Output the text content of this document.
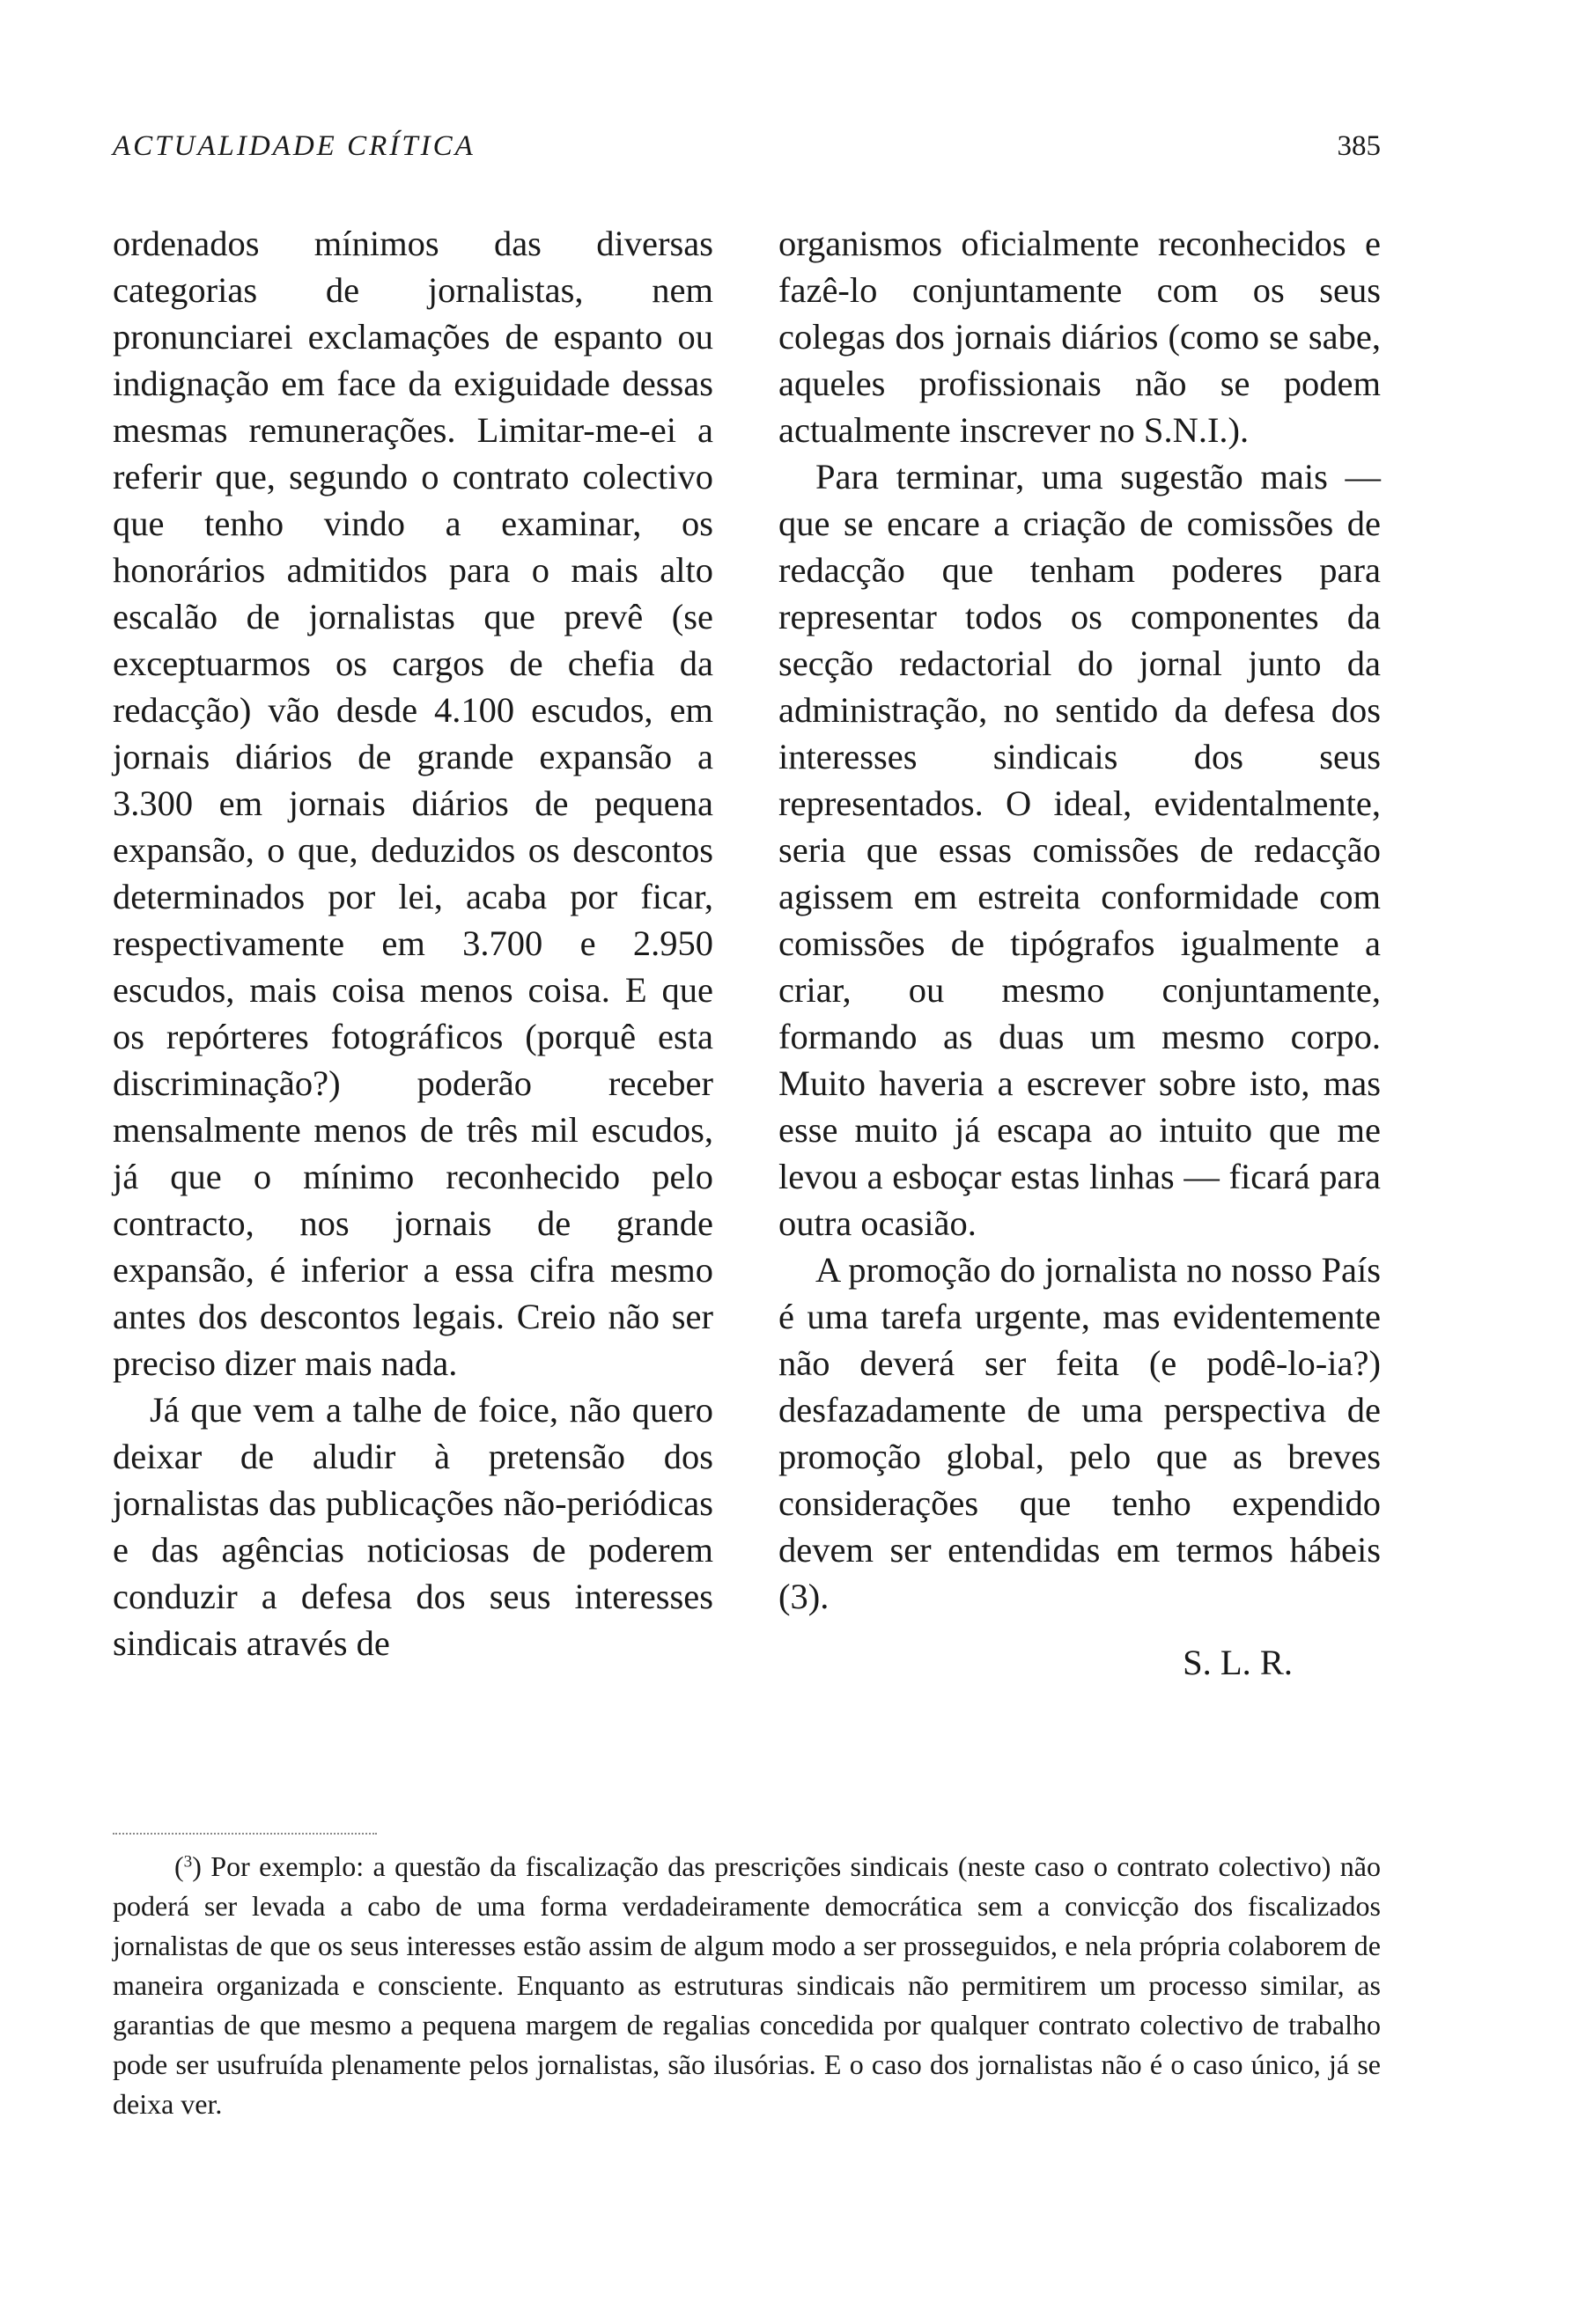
ACTUALIDADE CRÍTICA	385

ordenados mínimos das diversas categorias de jornalistas, nem pronunciarei exclamações de espanto ou indignação em face da exiguidade dessas mesmas remunerações. Limitar-me-ei a referir que, segundo o contrato colectivo que tenho vindo a examinar, os honorários admitidos para o mais alto escalão de jornalistas que prevê (se exceptuarmos os cargos de chefia da redacção) vão desde 4.100 escudos, em jornais diários de grande expansão a 3.300 em jornais diários de pequena expansão, o que, deduzidos os descontos determinados por lei, acaba por ficar, respectivamente em 3.700 e 2.950 escudos, mais coisa menos coisa. E que os repórteres fotográficos (porquê esta discriminação?) poderão receber mensalmente menos de três mil escudos, já que o mínimo reconhecido pelo contracto, nos jornais de grande expansão, é inferior a essa cifra mesmo antes dos descontos legais. Creio não ser preciso dizer mais nada.

Já que vem a talhe de foice, não quero deixar de aludir à pretensão dos jornalistas das publicações não-periódicas e das agências noticiosas de poderem conduzir a defesa dos seus interesses sindicais através de

organismos oficialmente reconhecidos e fazê-lo conjuntamente com os seus colegas dos jornais diários (como se sabe, aqueles profissionais não se podem actualmente inscrever no S.N.I.).

Para terminar, uma sugestão mais — que se encare a criação de comissões de redacção que tenham poderes para representar todos os componentes da secção redactorial do jornal junto da administração, no sentido da defesa dos interesses sindicais dos seus representados. O ideal, evidentalmente, seria que essas comissões de redacção agissem em estreita conformidade com comissões de tipógrafos igualmente a criar, ou mesmo conjuntamente, formando as duas um mesmo corpo. Muito haveria a escrever sobre isto, mas esse muito já escapa ao intuito que me levou a esboçar estas linhas — ficará para outra ocasião.

A promoção do jornalista no nosso País é uma tarefa urgente, mas evidentemente não deverá ser feita (e podê-lo-ia?) desfazadamente de uma perspectiva de promoção global, pelo que as breves considerações que tenho expendido devem ser entendidas em termos hábeis (3).

S. L. R.

($^3$) Por exemplo: a questão da fiscalização das prescrições sindicais (neste caso o contrato colectivo) não poderá ser levada a cabo de uma forma verdadeiramente democrática sem a convicção dos fiscalizados jornalistas de que os seus interesses estão assim de algum modo a ser prosseguidos, e nela própria colaborem de maneira organizada e consciente. Enquanto as estruturas sindicais não permitirem um processo similar, as garantias de que mesmo a pequena margem de regalias concedida por qualquer contrato colectivo de trabalho pode ser usufruída plenamente pelos jornalistas, são ilusórias. E o caso dos jornalistas não é o caso único, já se deixa ver.
